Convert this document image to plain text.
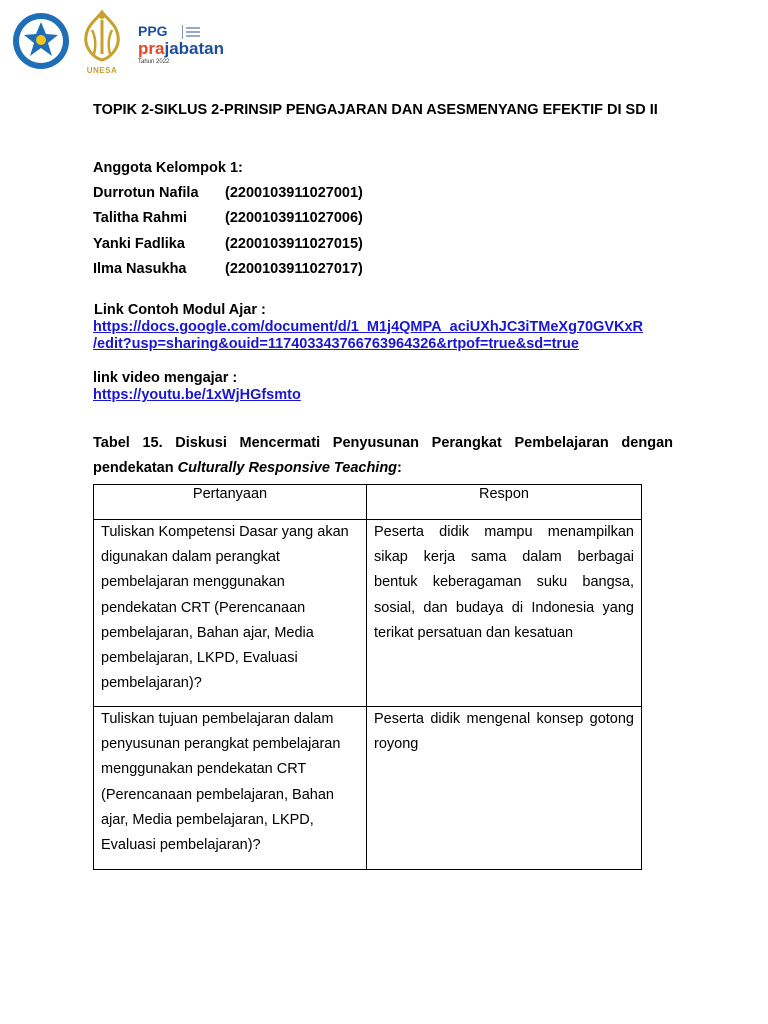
UNESA
PPG
prajabatan
Tahun 2022
TOPIK 2-SIKLUS 2-PRINSIP PENGAJARAN DAN ASESMENYANG EFEKTIF DI SD II
Anggota Kelompok 1:
Durrotun Nafila (2200103911027001)
Talitha Rahmi	(2200103911027006)
Yanki Fadlika	(2200103911027015)
Ilma Nasukha	(2200103911027017)
Link Contoh Modul Ajar :
https://docs.google.com/document/d/1_M1j4QMPA_aciUXhJC3iTMeXg70GVKxR
/edit?usp=sharing&ouid=117403343766763964326&rtpof=true&sd=true
link video mengajar :
https://youtu.be/1xWjHGfsmto
Tabel 15. Diskusi Mencermati Penyusunan Perangkat Pembelajaran dengan
pendekatan Culturally Responsive Teaching:
Pertanyaan	Respon
Tuliskan Kompetensi Dasar yang akan digunakan dalam perangkat pembelajaran menggunakan pendekatan CRT (Perencanaan pembelajaran, Bahan ajar, Media pembelajaran, LKPD, Evaluasi pembelajaran)?	Peserta didik mampu menampilkan sikap kerja sama dalam berbagai bentuk keberagaman suku bangsa, sosial, dan budaya di Indonesia yang terikat persatuan dan kesatuan
Tuliskan tujuan pembelajaran dalam penyusunan perangkat pembelajaran menggunakan pendekatan CRT (Perencanaan pembelajaran, Bahan ajar, Media pembelajaran, LKPD, Evaluasi pembelajaran)?	Peserta didik mengenal konsep gotong royong
